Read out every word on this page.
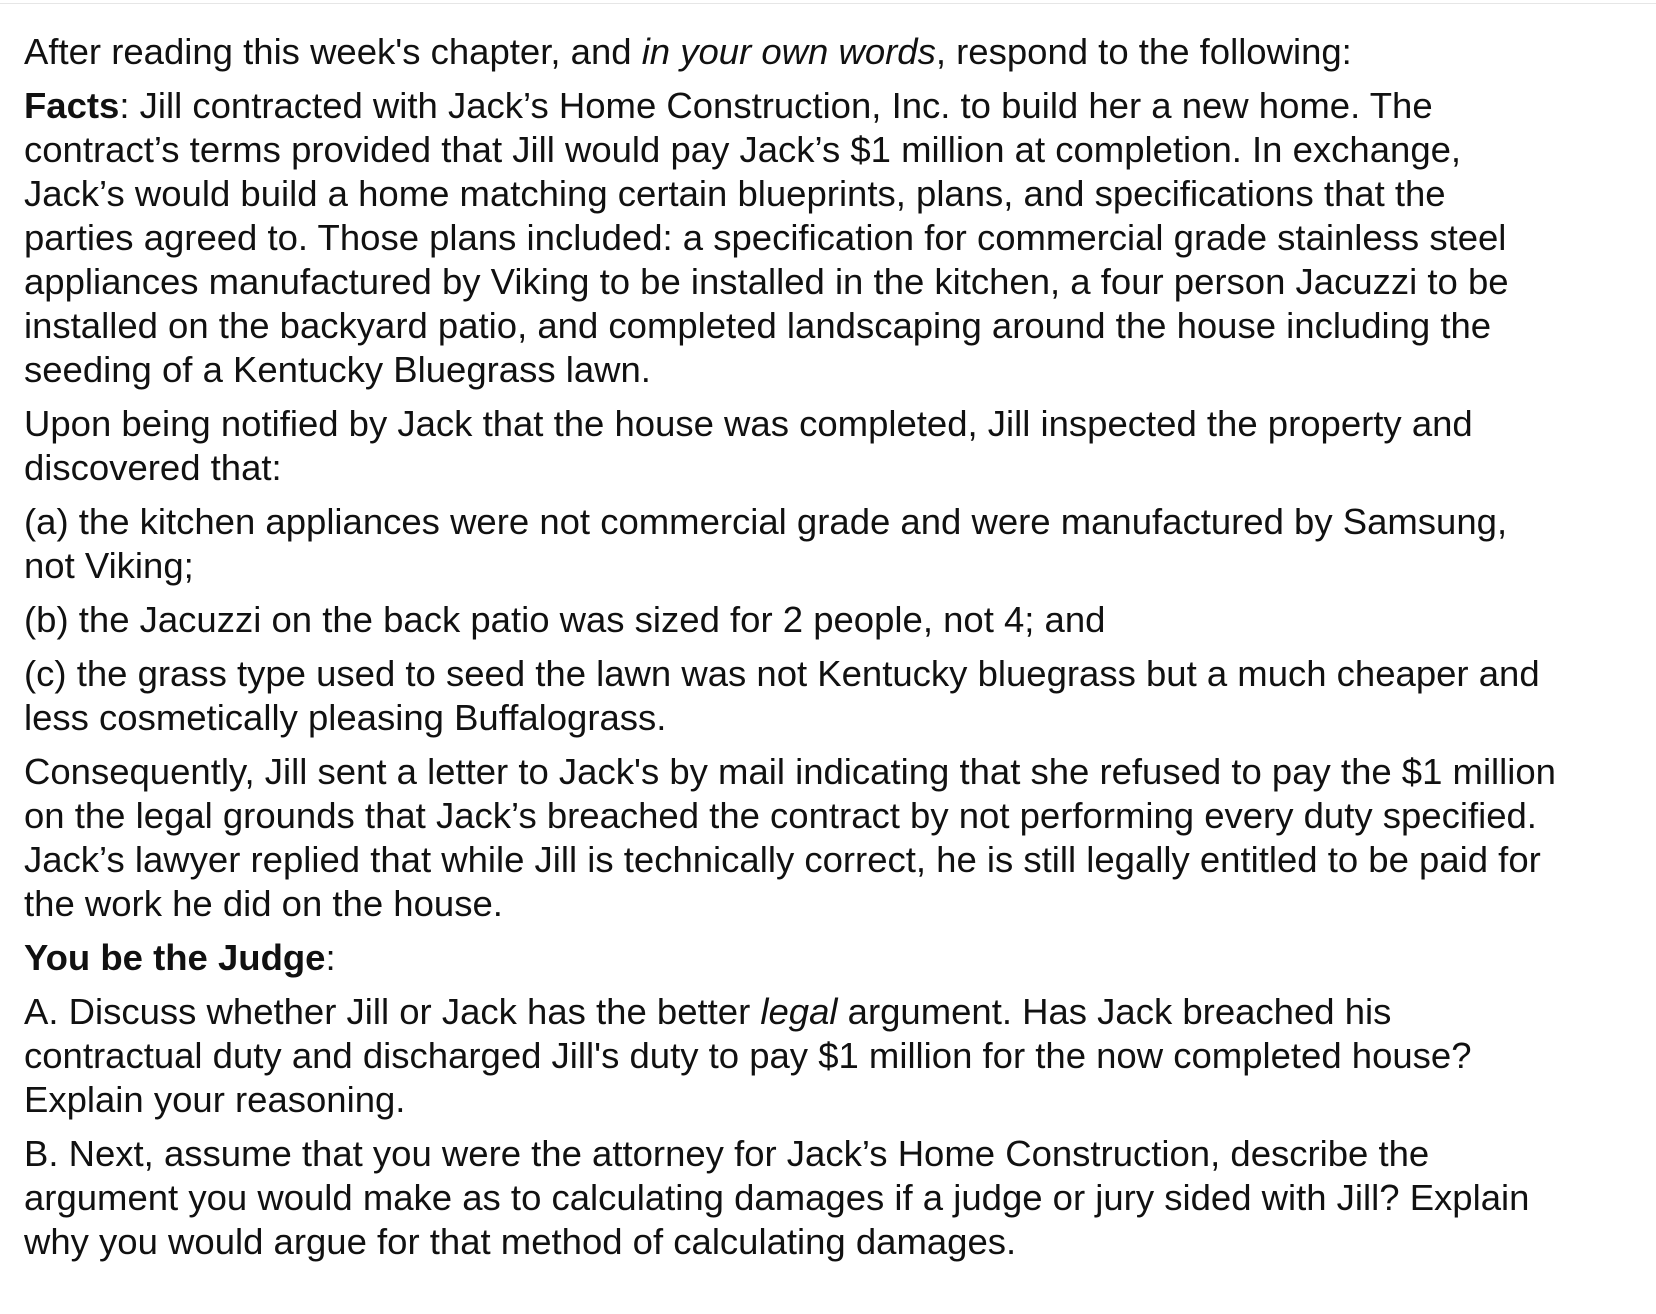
After reading this week's chapter, and in your own words, respond to the following:

Facts: Jill contracted with Jack’s Home Construction, Inc. to build her a new home. The contract’s terms provided that Jill would pay Jack’s $1 million at completion. In exchange, Jack’s would build a home matching certain blueprints, plans, and specifications that the parties agreed to. Those plans included: a specification for commercial grade stainless steel appliances manufactured by Viking to be installed in the kitchen, a four person Jacuzzi to be installed on the backyard patio, and completed landscaping around the house including the seeding of a Kentucky Bluegrass lawn.

Upon being notified by Jack that the house was completed, Jill inspected the property and discovered that:

(a) the kitchen appliances were not commercial grade and were manufactured by Samsung, not Viking;

(b) the Jacuzzi on the back patio was sized for 2 people, not 4; and

(c) the grass type used to seed the lawn was not Kentucky bluegrass but a much cheaper and less cosmetically pleasing Buffalograss.

Consequently, Jill sent a letter to Jack's by mail indicating that she refused to pay the $1 million on the legal grounds that Jack’s breached the contract by not performing every duty specified. Jack’s lawyer replied that while Jill is technically correct, he is still legally entitled to be paid for the work he did on the house.

You be the Judge:

A. Discuss whether Jill or Jack has the better legal argument. Has Jack breached his contractual duty and discharged Jill's duty to pay $1 million for the now completed house? Explain your reasoning.

B. Next, assume that you were the attorney for Jack’s Home Construction, describe the argument you would make as to calculating damages if a judge or jury sided with Jill? Explain why you would argue for that method of calculating damages.
